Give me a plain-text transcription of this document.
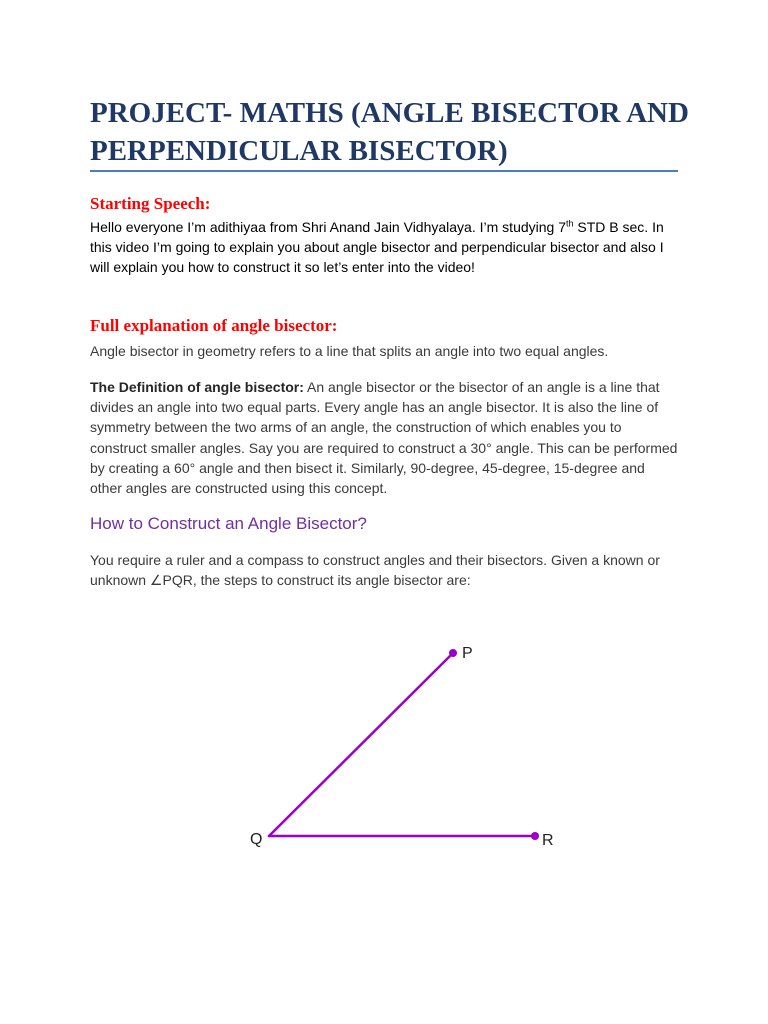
PROJECT- MATHS (ANGLE BISECTOR AND PERPENDICULAR BISECTOR)
Starting Speech:

Hello everyone I’m adithiyaa from Shri Anand Jain Vidhyalaya. I’m studying 7th STD B sec. In this video I’m going to explain you about angle bisector and perpendicular bisector and also I will explain you how to construct it so let’s enter into the video!

Full explanation of angle bisector:

Angle bisector in geometry refers to a line that splits an angle into two equal angles.

The Definition of angle bisector: An angle bisector or the bisector of an angle is a line that divides an angle into two equal parts. Every angle has an angle bisector. It is also the line of symmetry between the two arms of an angle, the construction of which enables you to construct smaller angles. Say you are required to construct a 30° angle. This can be performed by creating a 60° angle and then bisect it. Similarly, 90-degree, 45-degree, 15-degree and other angles are constructed using this concept.

How to Construct an Angle Bisector?

You require a ruler and a compass to construct angles and their bisectors. Given a known or unknown ∠PQR, the steps to construct its angle bisector are:

P
Q	R
